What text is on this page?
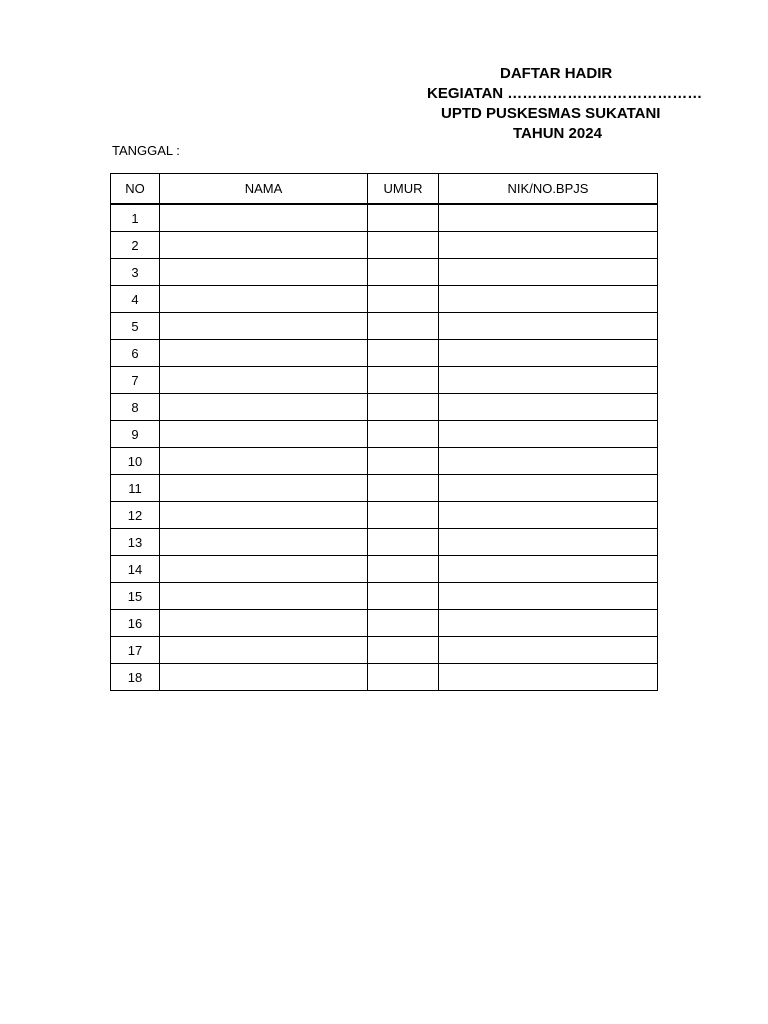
DAFTAR HADIR
KEGIATAN …………………………………
UPTD PUSKESMAS SUKATANI
TAHUN 2024
TANGGAL :
NO	NAMA	UMUR	NIK/NO.BPJS
1			
2			
3			
4			
5			
6			
7			
8			
9			
10			
11			
12			
13			
14			
15			
16			
17			
18			
